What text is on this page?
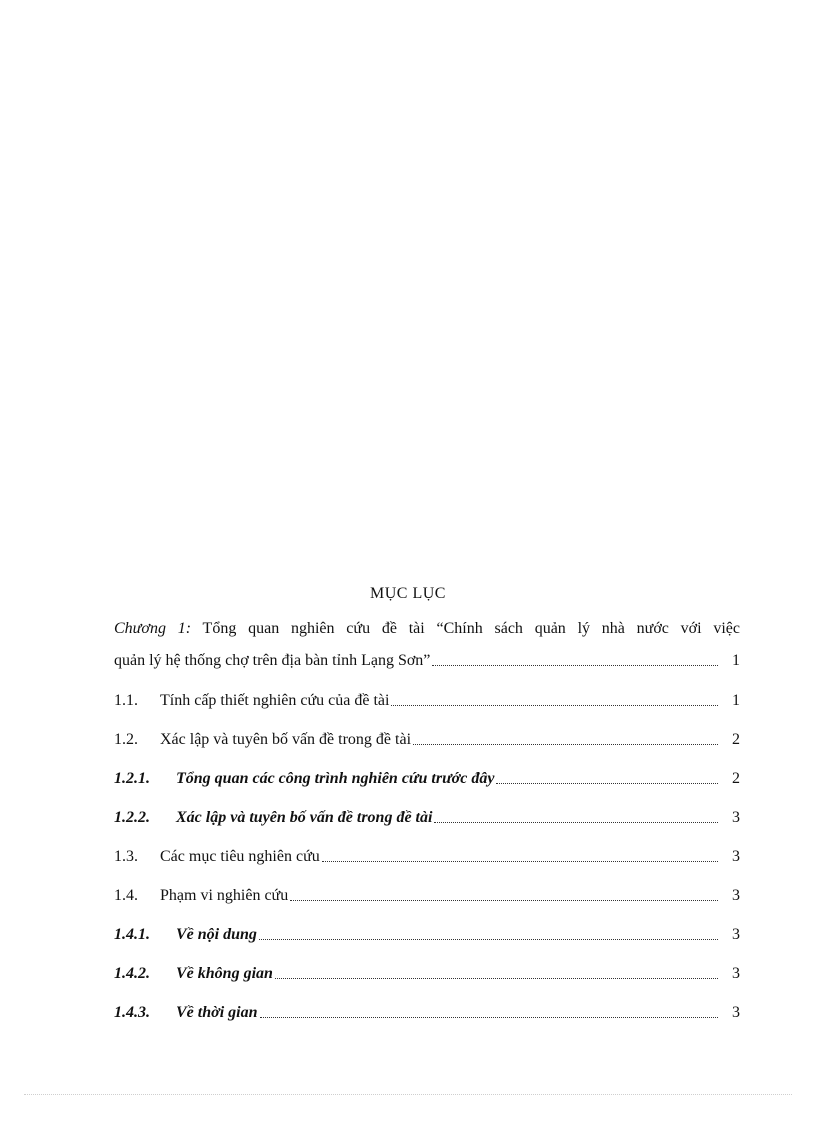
MỤC LỤC
Chương 1: Tổng quan nghiên cứu đề tài “Chính sách quản lý nhà nước với việc
quản lý hệ thống chợ trên địa bàn tỉnh Lạng Sơn”	1
1.1.	Tính cấp thiết nghiên cứu của đề tài	1
1.2.	Xác lập và tuyên bố vấn đề trong đề tài	2
1.2.1.	Tổng quan các công trình nghiên cứu trước đây	2
1.2.2.	Xác lập và tuyên bố vấn đề trong đề tài	3
1.3.	Các mục tiêu nghiên cứu	3
1.4.	Phạm vi nghiên cứu	3
1.4.1.	Về nội dung	3
1.4.2.	Về không gian	3
1.4.3.	Về thời gian	3
